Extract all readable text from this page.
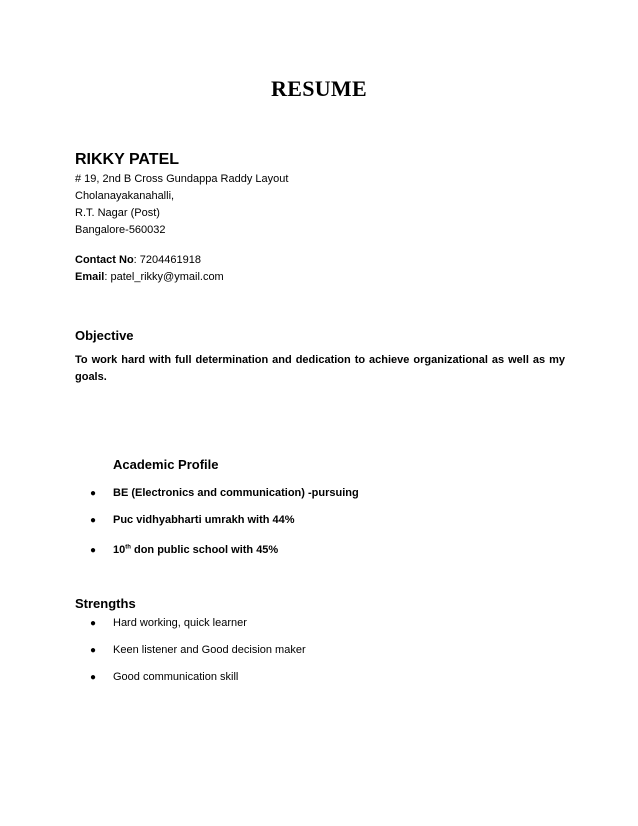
RESUME
RIKKY PATEL
# 19, 2nd B Cross Gundappa Raddy Layout
Cholanayakanahalli,
R.T. Nagar (Post)
Bangalore-560032
Contact No: 7204461918
Email: patel_rikky@ymail.com
Objective
To work hard with full determination and dedication to achieve organizational as well as my goals.
Academic Profile
●	BE (Electronics and communication) -pursuing
●	Puc vidhyabharti umrakh with 44%
●	10th don public school with 45%
Strengths
●	Hard working, quick learner
●	Keen listener and Good decision maker
●	Good communication skill
